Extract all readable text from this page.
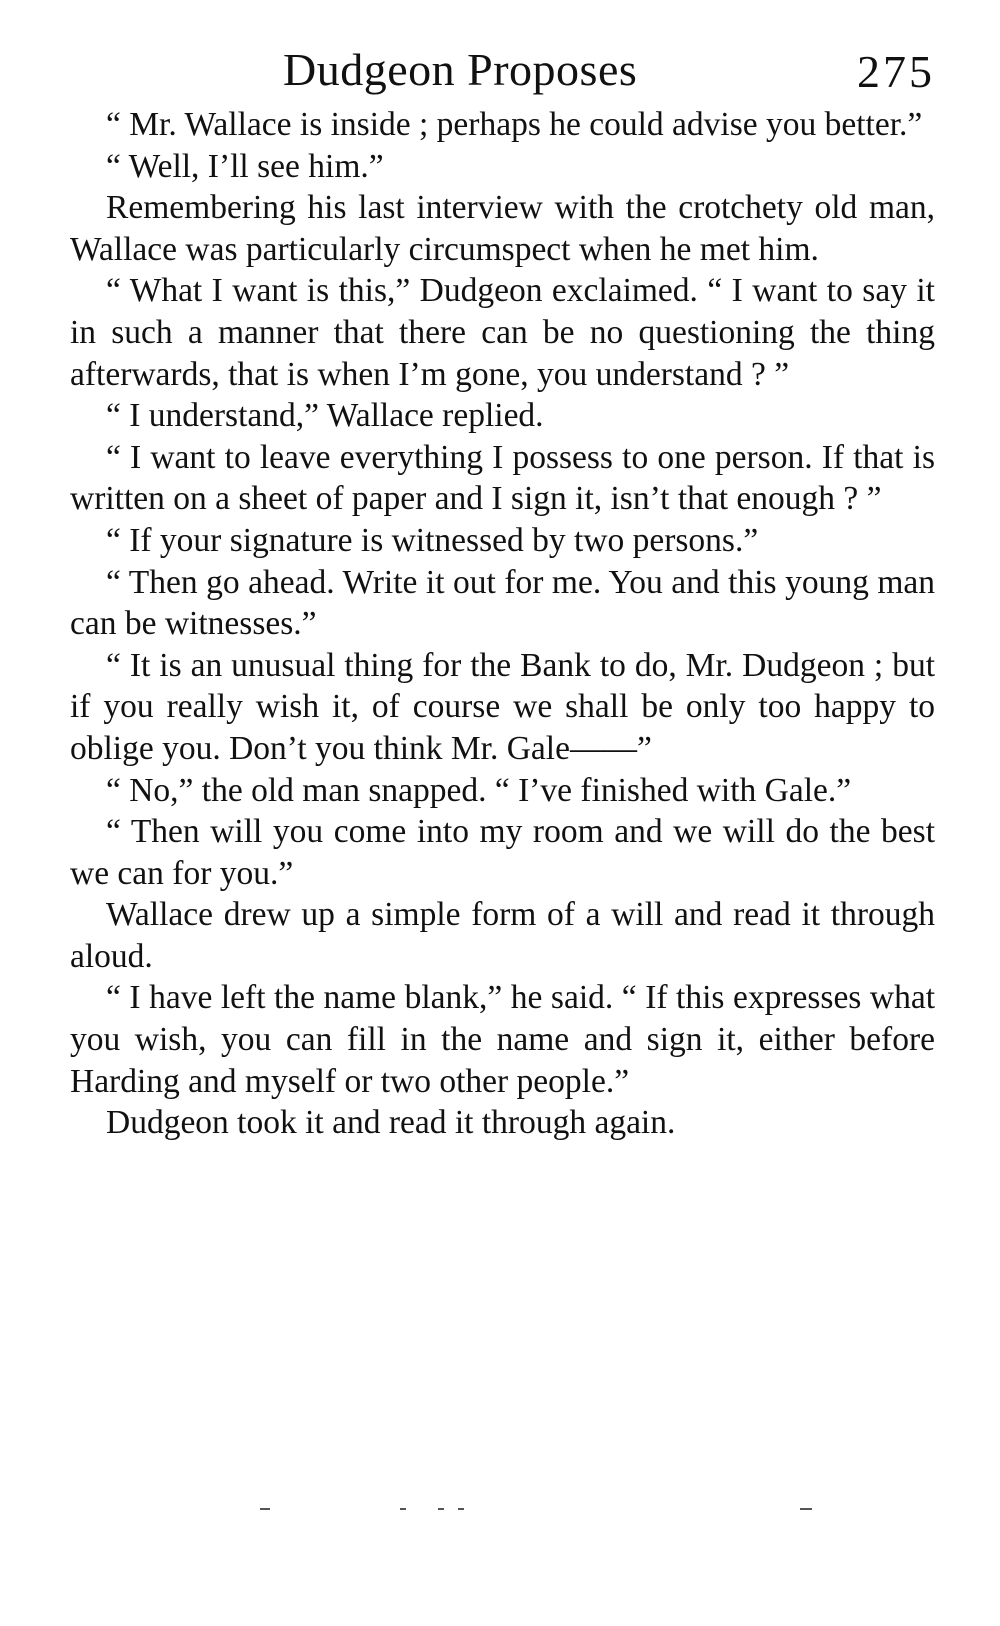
Dudgeon Proposes	275

“ Mr. Wallace is inside ; perhaps he could advise you better.”

“ Well, I’ll see him.”

Remembering his last interview with the crotchety old man, Wallace was particularly circumspect when he met him.

“ What I want is this,” Dudgeon exclaimed. “ I want to say it in such a manner that there can be no questioning the thing afterwards, that is when I’m gone, you understand ? ”

“ I understand,” Wallace replied.

“ I want to leave everything I possess to one person. If that is written on a sheet of paper and I sign it, isn’t that enough ? ”

“ If your signature is witnessed by two persons.”

“ Then go ahead. Write it out for me. You and this young man can be witnesses.”

“ It is an unusual thing for the Bank to do, Mr. Dudgeon ; but if you really wish it, of course we shall be only too happy to oblige you. Don’t you think Mr. Gale——”

“ No,” the old man snapped. “ I’ve finished with Gale.”

“ Then will you come into my room and we will do the best we can for you.”

Wallace drew up a simple form of a will and read it through aloud.

“ I have left the name blank,” he said. “ If this expresses what you wish, you can fill in the name and sign it, either before Harding and myself or two other people.”

Dudgeon took it and read it through again.
